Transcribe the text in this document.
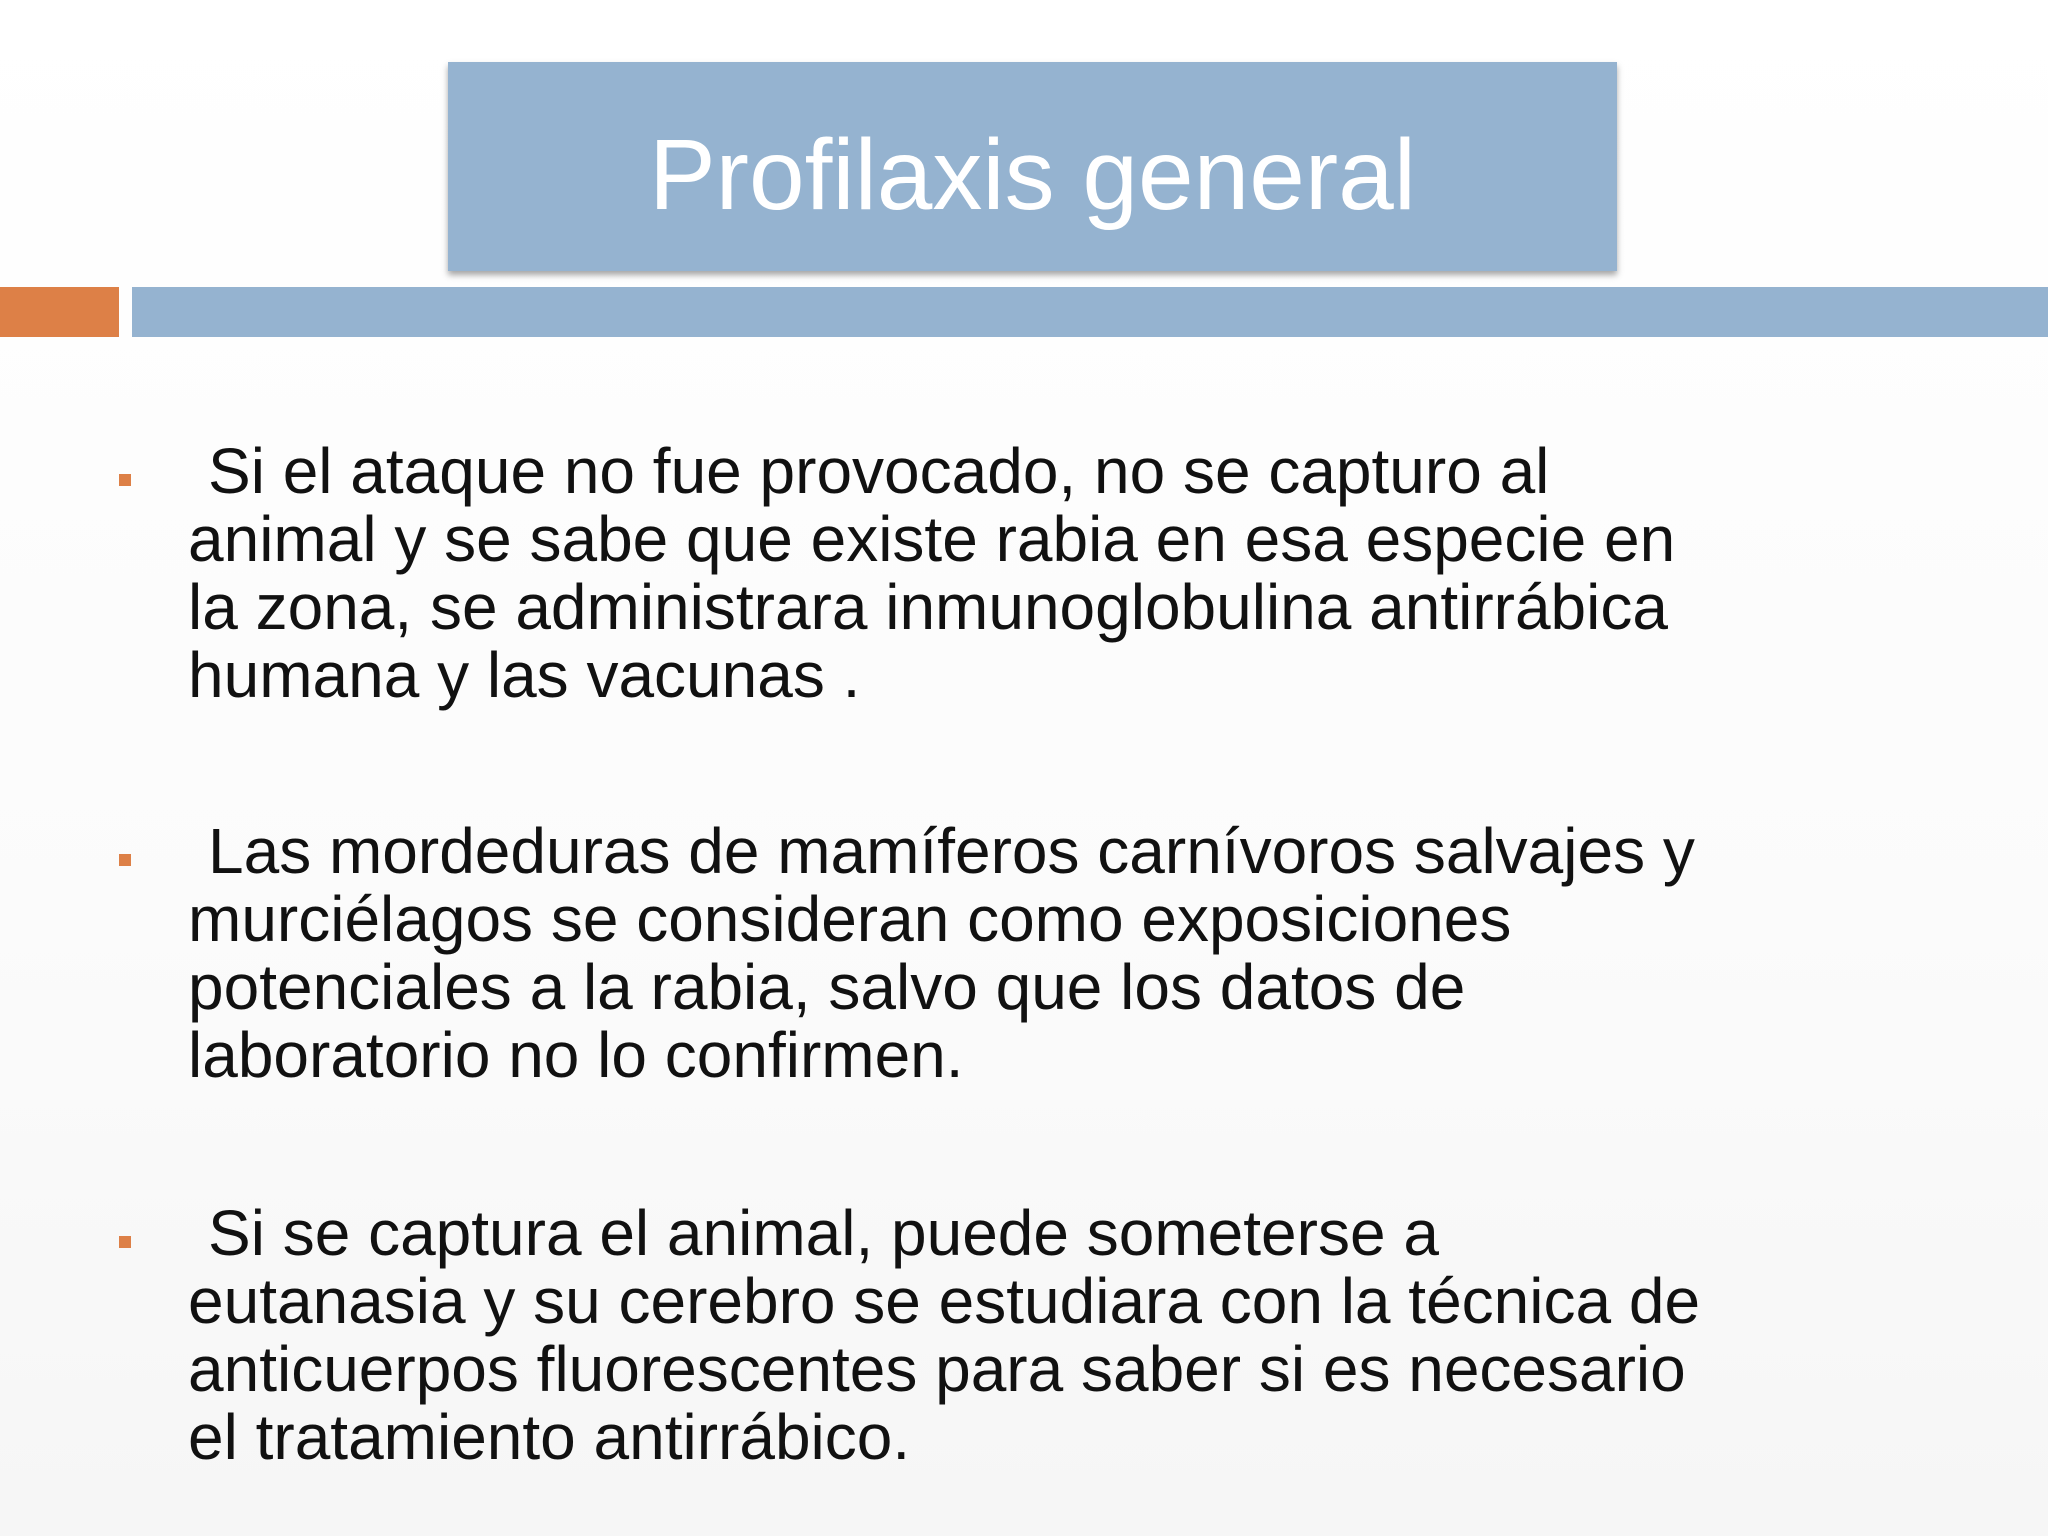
Profilaxis general
Si el ataque no fue provocado, no se capturo al
animal y se sabe que existe rabia en esa especie en
la zona, se administrara inmunoglobulina antirrábica
humana y las vacunas .
Las mordeduras de mamíferos carnívoros salvajes y
murciélagos se consideran como exposiciones
potenciales a la rabia, salvo que los datos de
laboratorio no lo confirmen.
Si se captura el animal, puede someterse a
eutanasia y su cerebro se estudiara con la técnica de
anticuerpos fluorescentes para saber si es necesario
el tratamiento antirrábico.
